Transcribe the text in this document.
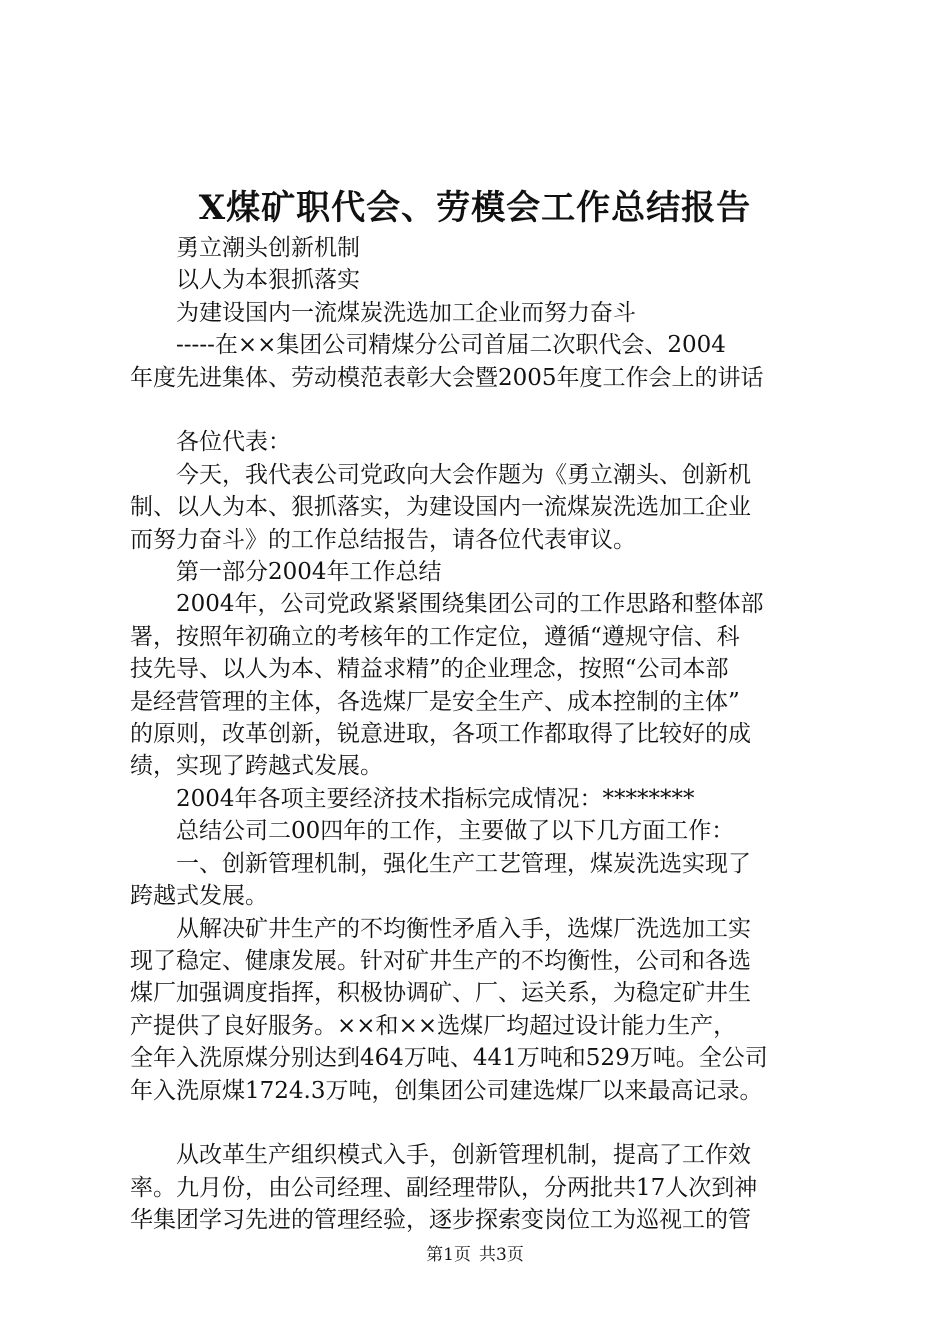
X煤矿职代会、劳模会工作总结报告
勇立潮头创新机制
以人为本狠抓落实
为建设国内一流煤炭洗选加工企业而努力奋斗
-----在××集团公司精煤分公司首届二次职代会、2004
年度先进集体、劳动模范表彰大会暨2005年度工作会上的讲话
各位代表：
今天，我代表公司党政向大会作题为《勇立潮头、创新机
制、以人为本、狠抓落实，为建设国内一流煤炭洗选加工企业
而努力奋斗》的工作总结报告，请各位代表审议。
第一部分2004年工作总结
2004年，公司党政紧紧围绕集团公司的工作思路和整体部
署，按照年初确立的考核年的工作定位，遵循“遵规守信、科
技先导、以人为本、精益求精”的企业理念，按照“公司本部
是经营管理的主体，各选煤厂是安全生产、成本控制的主体”
的原则，改革创新，锐意进取，各项工作都取得了比较好的成
绩，实现了跨越式发展。
2004年各项主要经济技术指标完成情况：********
总结公司二00四年的工作，主要做了以下几方面工作：
一、创新管理机制，强化生产工艺管理，煤炭洗选实现了
跨越式发展。
从解决矿井生产的不均衡性矛盾入手，选煤厂洗选加工实
现了稳定、健康发展。针对矿井生产的不均衡性，公司和各选
煤厂加强调度指挥，积极协调矿、厂、运关系，为稳定矿井生
产提供了良好服务。××和××选煤厂均超过设计能力生产，
全年入洗原煤分别达到464万吨、441万吨和529万吨。全公司
年入洗原煤1724.3万吨，创集团公司建选煤厂以来最高记录。
从改革生产组织模式入手，创新管理机制，提高了工作效
率。九月份，由公司经理、副经理带队，分两批共17人次到神
华集团学习先进的管理经验，逐步探索变岗位工为巡视工的管
第1页 共3页
